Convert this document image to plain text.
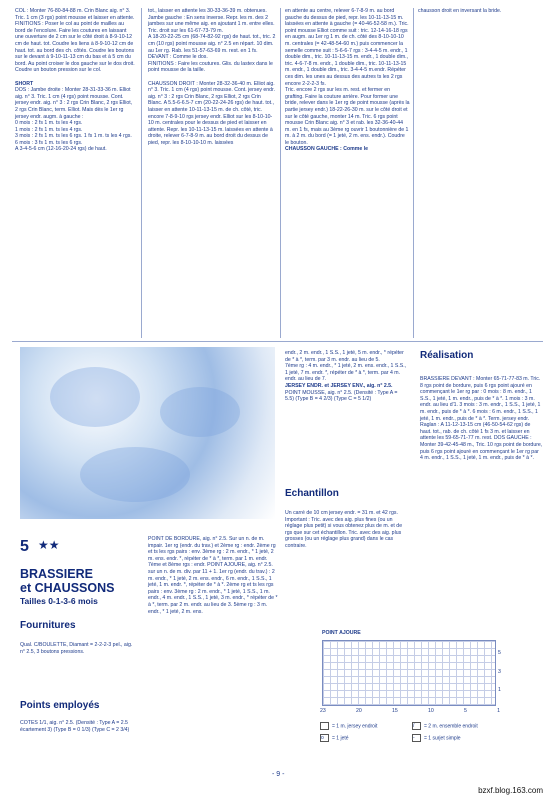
COL : Monter 76-80-84-88 m. Crin Blanc aig. n° 3. Tric. 1 cm (3 rgs) point mousse et laisser en attente.
FINITIONS : Poser le col au point de mailles au bord de l'encolure. Faire les coutures en laissant une ouverture de 2 cm sur le côté droit à 8-9-10-12 cm de haut. tot. Coudre les liens à 8-9-10-12 cm de haut. tot. au bord des ch. côtés. Coudre les boutons sur le devant à 9-10-11-13 cm du bas et à 5 cm du bord. Au point croiser le dos gauche sur le dos droit. Coudre un bouton pression sur le col.

SHORT
DOS : Jambe droite : Monter 28-31-33-36 m. Elliot aig. n° 3. Tric. 1 cm (4 rgs) point mousse. Cont. jersey endr. aig. n° 3 : 2 rgs Crin Blanc, 2 rgs Elliot, 2 rgs Crin Blanc, term. Elliot. Mais dès le 1er rg jersey endr. augm. à gauche :
0 mois : 2 fs 1 m. ts les 4 rgs.
1 mois : 2 fs 1 m. ts les 4 rgs.
3 mois : 2 fs 1 m. ts les 6 rgs. 1 fs 1 m. ts les 4 rgs.
6 mois : 3 fs 1 m. ts les 6 rgs.
A 3-4-5-6 cm (12-16-20-24 rgs) de haut.
tot., laisser en attente les 30-33-36-39 m. obtenues.
Jambe gauche : En sens inverse. Repr. les m. des 2 jambes sur une même aig. en ajoutant 1 m. entre elles. Tric. droit sur les 61-67-73-79 m.
A 18-20-22-25 cm (68-74-82-92 rgs) de haut. tot., tric. 2 cm (10 rgs) point mousse aig. n° 2.5 en répart. 10 dim. au 1er rg. Rab. les 51-57-63-69 m. rest. en 1 fs.
DEVANT : Comme le dos.
FINITIONS : Faire les coutures. Glis. du lastex dans le point mousse de la taille.

CHAUSSON DROIT : Monter 28-32-36-40 m. Elliot aig. n° 3. Tric. 1 cm (4 rgs) point mousse. Cont. jersey endr. aig. n° 3 : 2 rgs Crin Blanc, 2 rgs Elliot, 2 rgs Crin Blanc. A 5.5-6-6.5-7 cm (20-22-24-26 rgs) de haut. tot., laisser en attente 10-11-13-15 m. de ch. côté, tric. encore 7-8-9-10 rgs jersey endr. Elliot sur les 8-10-10-10 m. centrales pour le dessus de pied et laisser en attente. Repr. les 10-11-13-15 m. laissées en attente à droite, relever 6-7-8-9 m. au bord droit du dessus de pied, repr. les 8-10-10-10 m. laissées
en attente au centre, relever 6-7-8-9 m. au bord gauche du dessus de pied, repr. les 10-11-13-15 m. laissées en attente à gauche (= 40-46-52-58 m.). Tric. point mousse Elliot comme suit : tric. 12-14-16-18 rgs en augm. au 1er rg 1 m. de ch. côté des 8-10-10-10 m. centrales (= 42-48-54-60 m.) puis commencer la semelle comme suit : 5-6-6-7 rgs : 3-4-4-5 m. endr., 1 double dim., tric. 10-11-13-15 m. endr., 1 double dim., tric. 4-6-7-8 m. endr., 1 double dim., tric. 10-11-13-15 m. endr., 1 double dim., tric. 3-4-4-5 m.endr. Répéter ces dim. les unes au dessus des autres ts les 2 rgs encore 2-2-2-3 fs.
Tric. encore 2 rgs sur les m. rest. et fermer en grafting. Faire la couture arrière. Pour former une bride, relever dans le 1er rg de point mousse (après la partie jersey endr.) 18-22-26-30 m. sur le côté droit et sur le côté gauche, monter 14 m. Tric. 6 rgs point mousse Crin Blanc aig. n° 3 et rab. les 32-36-40-44 m. en 1 fs, mais au 3ème rg ouvrir 1 boutonnière de 1 m. à 2 m. du bord (= 1 jeté, 2 m. ens. endr.). Coudre le bouton.
CHAUSSON GAUCHE : Comme le
chausson droit en inversant la bride.
endr., 2 m. endr., 1 S.S., 1 jeté, 5 m. endr., * répéter de * à *, term. par 3 m. endr. au lieu de 5.
7ème rg : 4 m. endr., * 1 jeté, 2 m. ens. endr., 1 S.S., 1 jeté, 7 m. endr. *, répéter de * à *, term. par 4 m. endr. au lieu de 7.
JERSEY ENDR. et JERSEY ENV., aig. n° 2.5.
POINT MOUSSE, aig. n° 2.5. (Densité : Type A = 5.5) (Type B = 4 2/3) (Type C = 5 1/2)
Echantillon
Un carré de 10 cm jersey endr. = 31 m. et 42 rgs. Important : Tric. avec des aig. plus fines (ou un réglage plus petit) si vous obtenez plus de m. et de rgs que sur cet échantillon. Tric. avec des aig. plus grosses (ou un réglage plus grand) dans le cas contraire.
Réalisation
BRASSIERE DEVANT : Monter 65-71-77-83 m. Tric. 8 rgs point de bordure, puis 6 rgs point ajouré en commençant le 1er rg par : 0 mois : 8 m. endr., 1 S.S., 1 jeté, 1 m. endr., puis de * à *. 1 mois : 3 m. endr. au lieu d'1. 3 mois : 3 m. endr., 1 S.S., 1 jeté, 1 m. endr., puis de * à *. 6 mois : 6 m. endr., 1 S.S., 1 jeté, 1 m. endr., puis de * à *. Term. jersey endr. Raglan : A 11-12-13-15 cm (46-50-54-62 rgs) de haut. tot., rab. de ch. côté 1 fs 3 m. et laisser en attente les 59-65-71-77 m. rest. DOS GAUCHE : Monter 39-42-45-48 m., Tric. 10 rgs point de bordure, puis 6 rgs point ajouré en commençant le 1er rg par 4 m. endr., 1 S.S., 1 jeté, 1 m. endr., puis de * à *.
5 ★★
BRASSIERE
et CHAUSSONS
Tailles 0-1-3-6 mois
Fournitures
Qual. C/BOULETTE, Diamant = 2-2-2-3 pel., aig. n° 2.5, 3 boutons pressions.
Points employés
COTES 1/1, aig. n° 2.5. (Densité : Type A = 2.5 écartement 3) (Type B = 0 1/3) (Type C = 2 3/4)
POINT DE BORDURE, aig. n° 2.5. Sur un n. de m. impair. 1er rg (endr. du trav.) et 2ème rg : endr. 2ème rg et ts les rgs pairs : env. 3ème rg : 2 m. endr., * 1 jeté, 2 m. ens. endr. *, répéter de * à *, term. par 1 m. endr. 7ème et 8ème rgs : endr. POINT AJOURE, aig. n° 2.5. sur un n. de m. div. par 11 + 1. 1er rg (endr. du trav.) : 2 m. endr., * 1 jeté, 2 m. ens. endr., 6 m. endr., 1 S.S., 1 jeté, 1 m. endr. *, répéter de * à *. 2ème rg et ts les rgs pairs : env. 3ème rg : 2 m. endr., * 1 jeté, 1 S.S., 1 m. endr., 4 m. endr., 1 S.S., 1 jeté, 3 m. endr., * répéter de * à *, term. par 2 m. endr. au lieu de 3. 5ème rg : 3 m. endr., * 1 jeté, 2 m. ens.
POINT AJOURE
23	20	15	10	5	1
5
3
1
= 1 m. jersey endroit	/ = 2 m. ensemble endroit
o = 1 jeté	- = 1 surjet simple
- 9 -
bzxf.blog.163.com
